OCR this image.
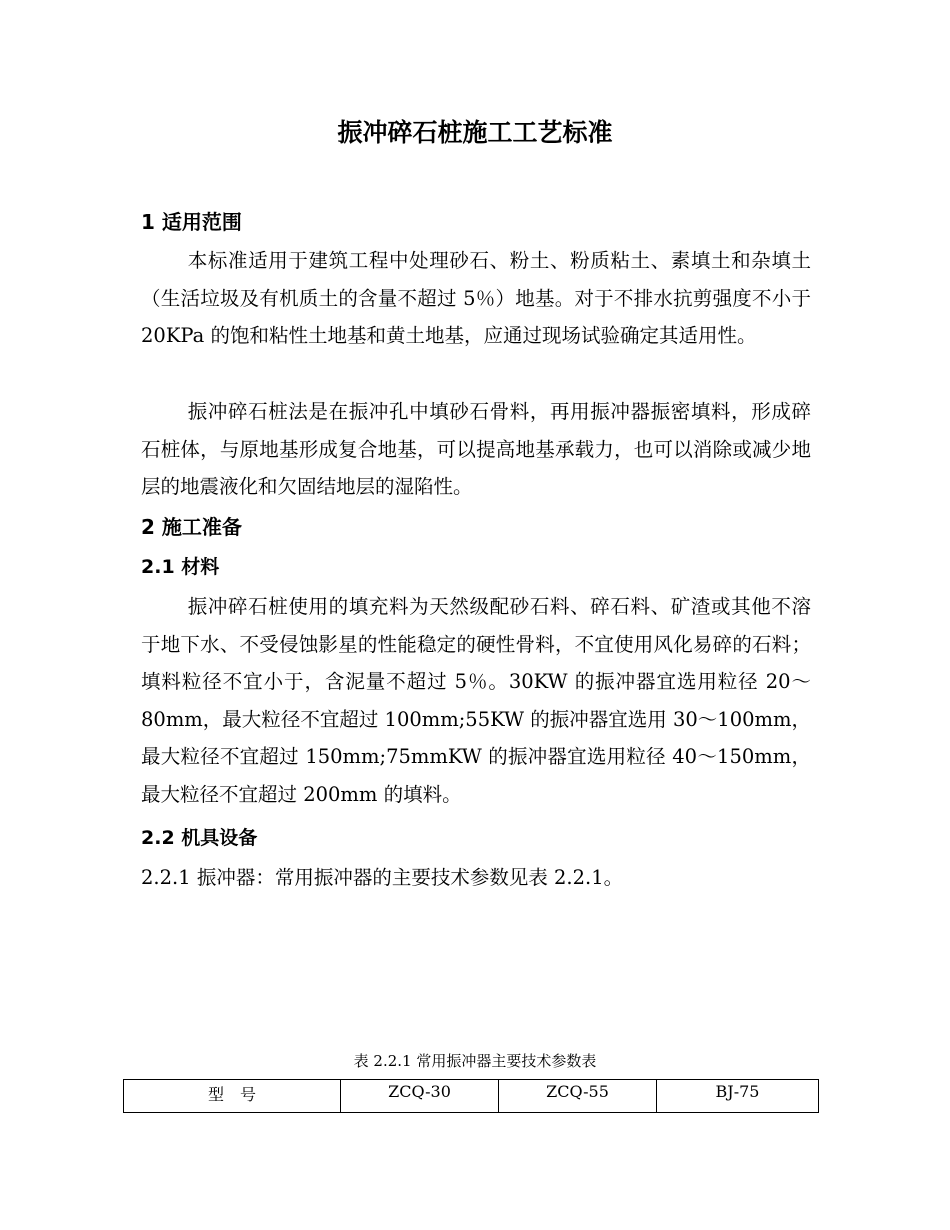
振冲碎石桩施工工艺标准
1 适用范围
本标准适用于建筑工程中处理砂石、粉土、粉质粘土、素填土和杂填土（生活垃圾及有机质土的含量不超过 5％）地基。对于不排水抗剪强度不小于 20KPa 的饱和粘性土地基和黄土地基，应通过现场试验确定其适用性。
振冲碎石桩法是在振冲孔中填砂石骨料，再用振冲器振密填料，形成碎石桩体，与原地基形成复合地基，可以提高地基承载力，也可以消除或减少地层的地震液化和欠固结地层的湿陷性。
2 施工准备
2.1 材料
振冲碎石桩使用的填充料为天然级配砂石料、碎石料、矿渣或其他不溶于地下水、不受侵蚀影星的性能稳定的硬性骨料，不宜使用风化易碎的石料；填料粒径不宜小于，含泥量不超过 5％。30KW 的振冲器宜选用粒径 20～80mm，最大粒径不宜超过 100mm;55KW 的振冲器宜选用 30～100mm，最大粒径不宜超过 150mm;75mmKW 的振冲器宜选用粒径 40～150mm，最大粒径不宜超过 200mm 的填料。
2.2 机具设备
2.2.1 振冲器：常用振冲器的主要技术参数见表 2.2.1。
表 2.2.1 常用振冲器主要技术参数表
型　号	ZCQ-30	ZCQ-55	BJ-75
